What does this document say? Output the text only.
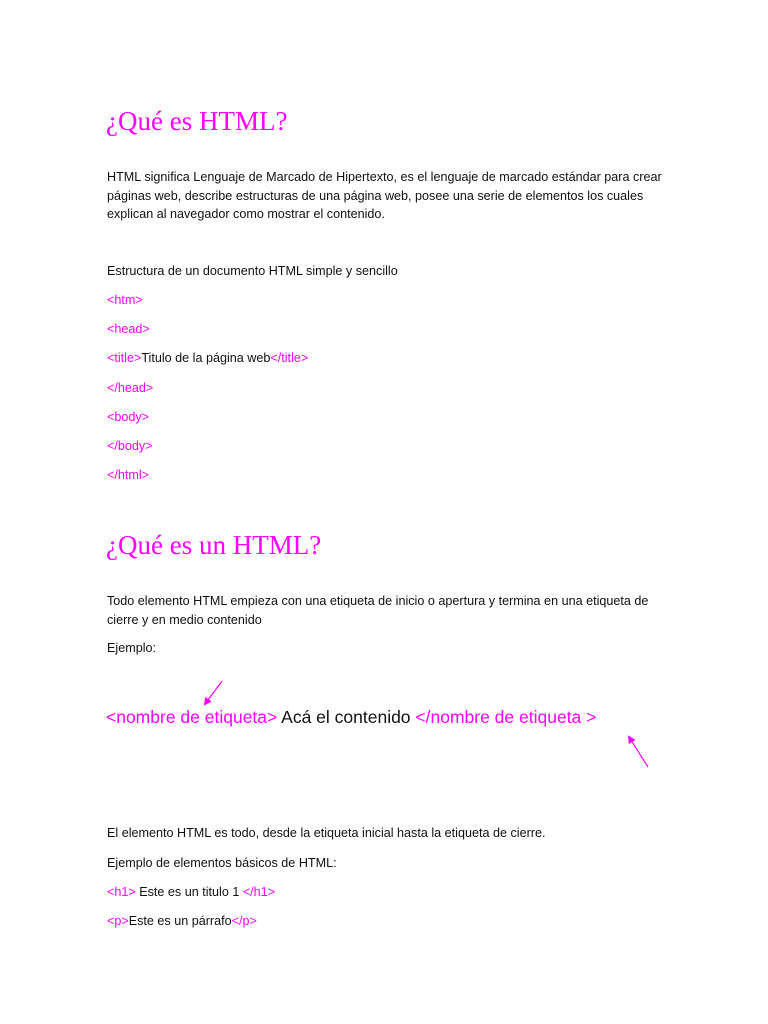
¿Qué es HTML?

HTML significa Lenguaje de Marcado de Hipertexto, es el lenguaje de marcado estándar para crear páginas web, describe estructuras de una página web, posee una serie de elementos los cuales explican al navegador como mostrar el contenido.

Estructura de un documento HTML simple y sencillo
<htm>
<head>
<title>Titulo de la página web</title>
</head>
<body>
</body>
</html>
¿Qué es un HTML?

Todo elemento HTML empieza con una etiqueta de inicio o apertura y termina en una etiqueta de cierre y en medio contenido

Ejemplo:
<nombre de etiqueta> Acá el contenido </nombre de etiqueta >
El elemento HTML es todo, desde la etiqueta inicial hasta la etiqueta de cierre.
Ejemplo de elementos básicos de HTML:
<h1> Este es un titulo 1 </h1>
<p>Este es un párrafo</p>
